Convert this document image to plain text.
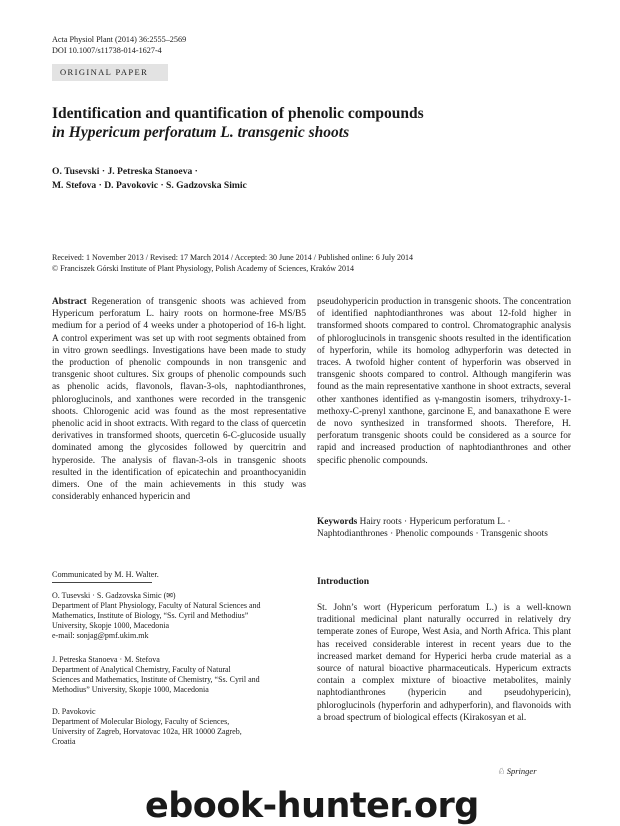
Acta Physiol Plant (2014) 36:2555–2569
DOI 10.1007/s11738-014-1627-4
ORIGINAL PAPER
Identification and quantification of phenolic compounds
in Hypericum perforatum L. transgenic shoots
O. Tusevski · J. Petreska Stanoeva ·
M. Stefova · D. Pavokovic · S. Gadzovska Simic
Received: 1 November 2013 / Revised: 17 March 2014 / Accepted: 30 June 2014 / Published online: 6 July 2014
© Franciszek Górski Institute of Plant Physiology, Polish Academy of Sciences, Kraków 2014
Abstract Regeneration of transgenic shoots was achieved from Hypericum perforatum L. hairy roots on hormone-free MS/B5 medium for a period of 4 weeks under a photoperiod of 16-h light. A control experiment was set up with root segments obtained from in vitro grown seedlings. Investigations have been made to study the production of phenolic compounds in non transgenic and transgenic shoot cultures. Six groups of phenolic compounds such as phenolic acids, flavonols, flavan-3-ols, naphtodianthrones, phloroglucinols, and xanthones were recorded in the transgenic shoots. Chlorogenic acid was found as the most representative phenolic acid in shoot extracts. With regard to the class of quercetin derivatives in transformed shoots, quercetin 6-C-glucoside usually dominated among the glycosides followed by quercitrin and hyperoside. The analysis of flavan-3-ols in transgenic shoots resulted in the identification of epicatechin and proanthocyanidin dimers. One of the main achievements in this study was considerably enhanced hypericin and
pseudohypericin production in transgenic shoots. The concentration of identified naphtodianthrones was about 12-fold higher in transformed shoots compared to control. Chromatographic analysis of phloroglucinols in transgenic shoots resulted in the identification of hyperforin, while its homolog adhyperforin was detected in traces. A twofold higher content of hyperforin was observed in transgenic shoots compared to control. Although mangiferin was found as the main representative xanthone in shoot extracts, several other xanthones identified as γ-mangostin isomers, trihydroxy-1-methoxy-C-prenyl xanthone, garcinone E, and banaxathone E were de novo synthesized in transformed shoots. Therefore, H. perforatum transgenic shoots could be considered as a source for rapid and increased production of naphtodianthrones and other specific phenolic compounds.
Keywords Hairy roots · Hypericum perforatum L. · Naphtodianthrones · Phenolic compounds · Transgenic shoots
Communicated by M. H. Walter.
O. Tusevski · S. Gadzovska Simic (✉)
Department of Plant Physiology, Faculty of Natural Sciences and
Mathematics, Institute of Biology, “Ss. Cyril and Methodius”
University, Skopje 1000, Macedonia
e-mail: sonjag@pmf.ukim.mk
J. Petreska Stanoeva · M. Stefova
Department of Analytical Chemistry, Faculty of Natural
Sciences and Mathematics, Institute of Chemistry, “Ss. Cyril and
Methodius” University, Skopje 1000, Macedonia
D. Pavokovic
Department of Molecular Biology, Faculty of Sciences,
University of Zagreb, Horvatovac 102a, HR 10000 Zagreb,
Croatia
Introduction
St. John’s wort (Hypericum perforatum L.) is a well-known traditional medicinal plant naturally occurred in relatively dry temperate zones of Europe, West Asia, and North Africa. This plant has received considerable interest in recent years due to the increased market demand for Hyperici herba crude material as a source of natural bioactive pharmaceuticals. Hypericum extracts contain a complex mixture of bioactive metabolites, mainly naphtodianthrones (hypericin and pseudohypericin), phloroglucinols (hyperforin and adhyperforin), and flavonoids with a broad spectrum of biological effects (Kirakosyan et al.
♘ Springer
ebook-hunter.org
